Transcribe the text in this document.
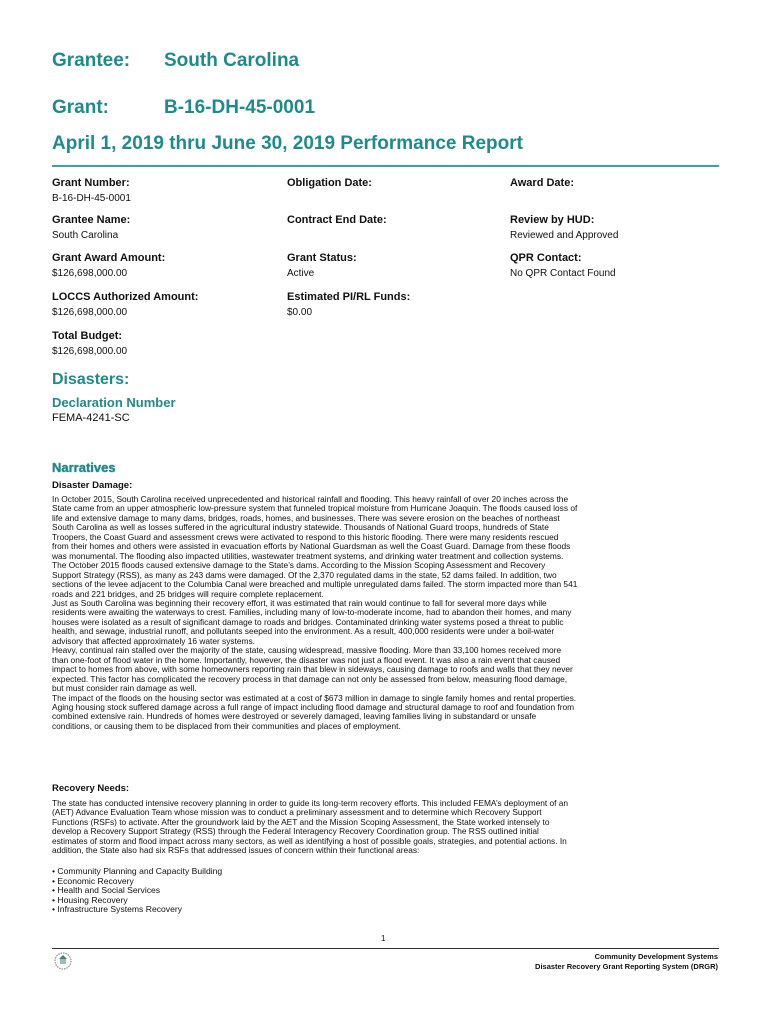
Grantee: South Carolina
Grant:	B-16-DH-45-0001
April 1, 2019 thru June 30, 2019 Performance Report
Grant Number:
B-16-DH-45-0001
Obligation Date:	Award Date:
Grantee Name:
South Carolina
Contract End Date:	Review by HUD:
Reviewed and Approved
Grant Award Amount:
$126,698,000.00
Grant Status:
Active
QPR Contact:
No QPR Contact Found
LOCCS Authorized Amount:
$126,698,000.00
Estimated PI/RL Funds:
$0.00
Total Budget:
$126,698,000.00
Disasters:
Declaration Number
FEMA-4241-SC
Narratives
Disaster Damage:
In October 2015, South Carolina received unprecedented and historical rainfall and flooding. This heavy rainfall of over 20 inches across the
State came from an upper atmospheric low-pressure system that funneled tropical moisture from Hurricane Joaquin. The floods caused loss of
life and extensive damage to many dams, bridges, roads, homes, and businesses. There was severe erosion on the beaches of northeast
South Carolina as well as losses suffered in the agricultural industry statewide. Thousands of National Guard troops, hundreds of State
Troopers, the Coast Guard and assessment crews were activated to respond to this historic flooding. There were many residents rescued
from their homes and others were assisted in evacuation efforts by National Guardsman as well the Coast Guard. Damage from these floods
was monumental. The flooding also impacted utilities, wastewater treatment systems, and drinking water treatment and collection systems.
The October 2015 floods caused extensive damage to the State’s dams. According to the Mission Scoping Assessment and Recovery
Support Strategy (RSS), as many as 243 dams were damaged. Of the 2,370 regulated dams in the state, 52 dams failed. In addition, two
sections of the levee adjacent to the Columbia Canal were breached and multiple unregulated dams failed. The storm impacted more than 541
roads and 221 bridges, and 25 bridges will require complete replacement.
Just as South Carolina was beginning their recovery effort, it was estimated that rain would continue to fall for several more days while
residents were awaiting the waterways to crest. Families, including many of low-to-moderate income, had to abandon their homes, and many
houses were isolated as a result of significant damage to roads and bridges. Contaminated drinking water systems posed a threat to public
health, and sewage, industrial runoff, and pollutants seeped into the environment. As a result, 400,000 residents were under a boil-water
advisory that affected approximately 16 water systems.
Heavy, continual rain stalled over the majority of the state, causing widespread, massive flooding. More than 33,100 homes received more
than one-foot of flood water in the home. Importantly, however, the disaster was not just a flood event. It was also a rain event that caused
impact to homes from above, with some homeowners reporting rain that blew in sideways, causing damage to roofs and walls that they never
expected. This factor has complicated the recovery process in that damage can not only be assessed from below, measuring flood damage,
but must consider rain damage as well.
The impact of the floods on the housing sector was estimated at a cost of $673 million in damage to single family homes and rental properties.
Aging housing stock suffered damage across a full range of impact including flood damage and structural damage to roof and foundation from
combined extensive rain. Hundreds of homes were destroyed or severely damaged, leaving families living in substandard or unsafe
conditions, or causing them to be displaced from their communities and places of employment.
Recovery Needs:
The state has conducted intensive recovery planning in order to guide its long-term recovery efforts. This included FEMA’s deployment of an
(AET) Advance Evaluation Team whose mission was to conduct a preliminary assessment and to determine which Recovery Support
Functions (RSFs) to activate. After the groundwork laid by the AET and the Mission Scoping Assessment, the State worked intensely to
develop a Recovery Support Strategy (RSS) through the Federal Interagency Recovery Coordination group. The RSS outlined initial
estimates of storm and flood impact across many sectors, as well as identifying a host of possible goals, strategies, and potential actions. In
addition, the State also had six RSFs that addressed issues of concern within their functional areas:
• Community Planning and Capacity Building
• Economic Recovery
• Health and Social Services
• Housing Recovery
• Infrastructure Systems Recovery
1
Community Development Systems
Disaster Recovery Grant Reporting System (DRGR)
